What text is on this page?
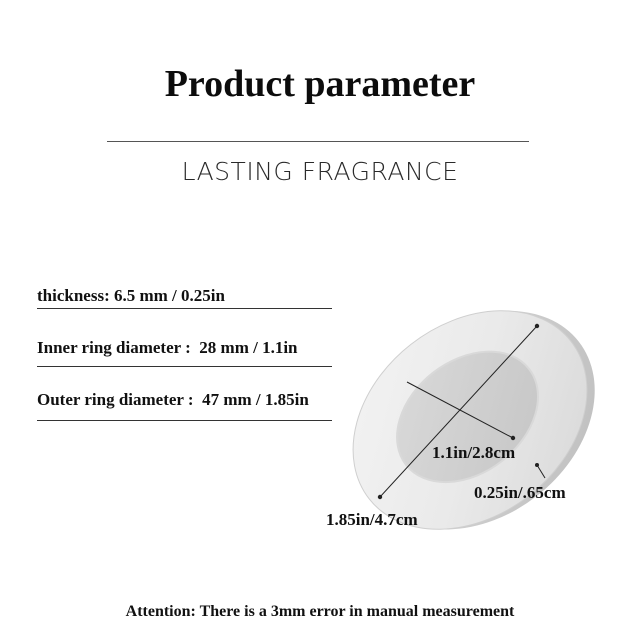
Product parameter
LASTING FRAGRANCE
thickness: 6.5 mm / 0.25in
Inner ring diameter : 28 mm / 1.1in
Outer ring diameter : 47 mm / 1.85in
1.1in/2.8cm
0.25in/.65cm
1.85in/4.7cm
Attention: There is a 3mm error in manual measurement
